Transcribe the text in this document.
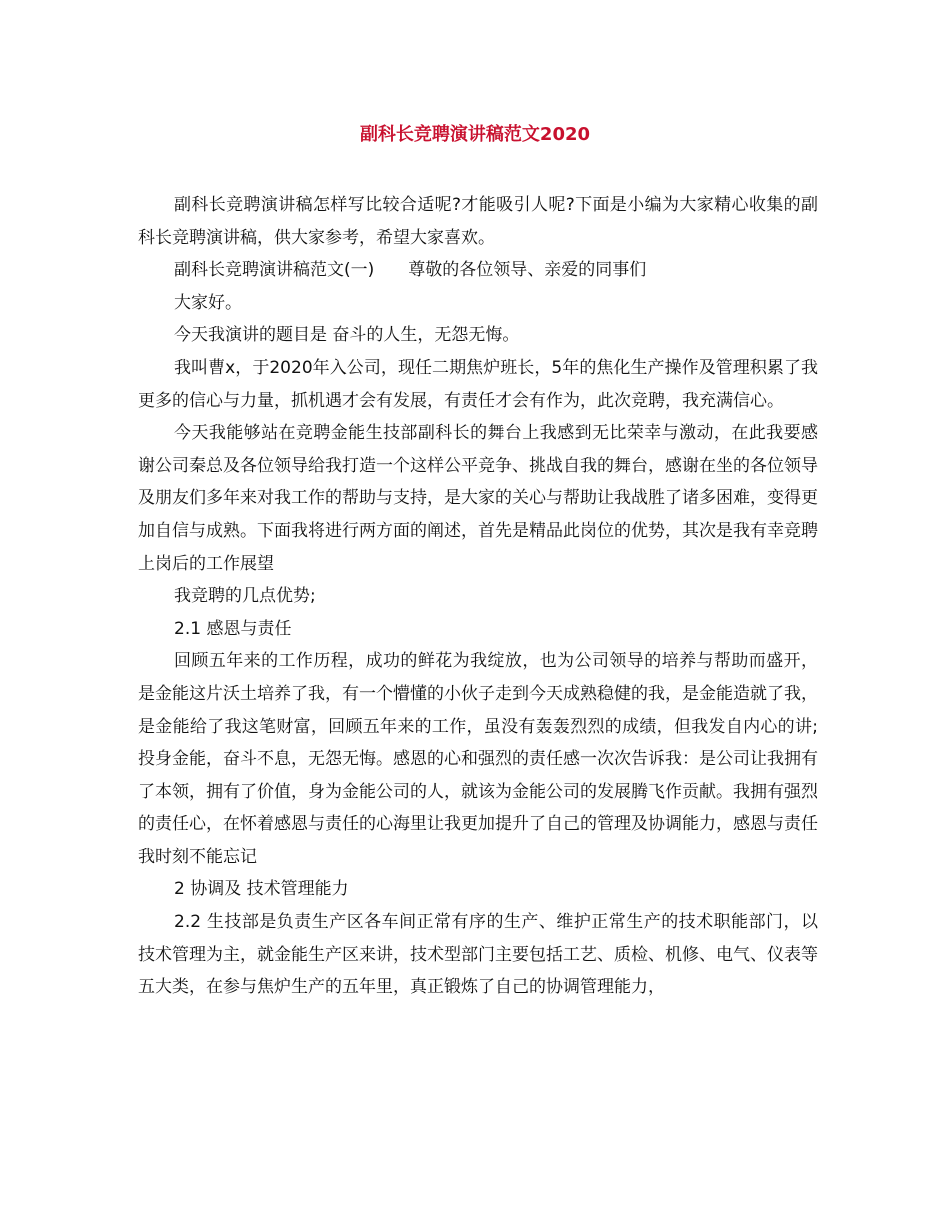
副科长竞聘演讲稿范文2020

副科长竞聘演讲稿怎样写比较合适呢?才能吸引人呢?下面是小编为大家精心收集的副科长竞聘演讲稿，供大家参考，希望大家喜欢。

副科长竞聘演讲稿范文(一)　　尊敬的各位领导、亲爱的同事们

大家好。

今天我演讲的题目是 奋斗的人生，无怨无悔。

我叫曹x，于2020年入公司，现任二期焦炉班长，5年的焦化生产操作及管理积累了我更多的信心与力量，抓机遇才会有发展，有责任才会有作为，此次竞聘，我充满信心。

今天我能够站在竞聘金能生技部副科长的舞台上我感到无比荣幸与激动，在此我要感谢公司秦总及各位领导给我打造一个这样公平竞争、挑战自我的舞台，感谢在坐的各位领导及朋友们多年来对我工作的帮助与支持，是大家的关心与帮助让我战胜了诸多困难，变得更加自信与成熟。下面我将进行两方面的阐述，首先是精品此岗位的优势，其次是我有幸竞聘上岗后的工作展望

我竞聘的几点优势;

2.1 感恩与责任

回顾五年来的工作历程，成功的鲜花为我绽放，也为公司领导的培养与帮助而盛开，是金能这片沃土培养了我，有一个懵懂的小伙子走到今天成熟稳健的我，是金能造就了我，是金能给了我这笔财富，回顾五年来的工作，虽没有轰轰烈烈的成绩，但我发自内心的讲;投身金能，奋斗不息，无怨无悔。感恩的心和强烈的责任感一次次告诉我：是公司让我拥有了本领，拥有了价值，身为金能公司的人，就该为金能公司的发展腾飞作贡献。我拥有强烈的责任心，在怀着感恩与责任的心海里让我更加提升了自己的管理及协调能力，感恩与责任我时刻不能忘记

2 协调及 技术管理能力

2.2 生技部是负责生产区各车间正常有序的生产、维护正常生产的技术职能部门，以技术管理为主，就金能生产区来讲，技术型部门主要包括工艺、质检、机修、电气、仪表等五大类，在参与焦炉生产的五年里，真正锻炼了自己的协调管理能力，
